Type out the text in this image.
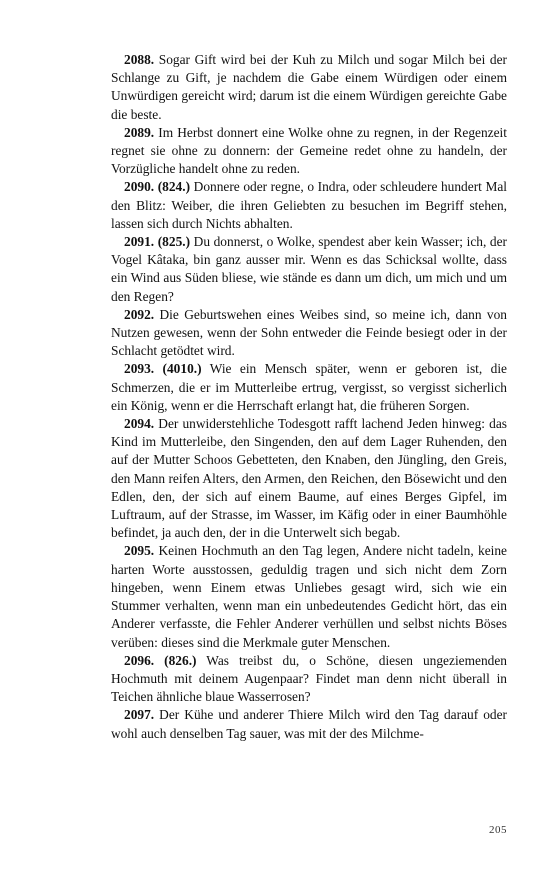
2088. Sogar Gift wird bei der Kuh zu Milch und sogar Milch bei der Schlange zu Gift, je nachdem die Gabe einem Würdigen oder einem Unwürdigen gereicht wird; darum ist die einem Würdigen gereichte Gabe die beste.

2089. Im Herbst donnert eine Wolke ohne zu regnen, in der Regenzeit regnet sie ohne zu donnern: der Gemeine redet ohne zu handeln, der Vorzügliche handelt ohne zu reden.

2090. (824.) Donnere oder regne, o Indra, oder schleudere hundert Mal den Blitz: Weiber, die ihren Geliebten zu besuchen im Begriff stehen, lassen sich durch Nichts abhalten.

2091. (825.) Du donnerst, o Wolke, spendest aber kein Wasser; ich, der Vogel Kâtaka, bin ganz ausser mir. Wenn es das Schicksal wollte, dass ein Wind aus Süden bliese, wie stände es dann um dich, um mich und um den Regen?

2092. Die Geburtswehen eines Weibes sind, so meine ich, dann von Nutzen gewesen, wenn der Sohn entweder die Feinde besiegt oder in der Schlacht getödtet wird.

2093. (4010.) Wie ein Mensch später, wenn er geboren ist, die Schmerzen, die er im Mutterleibe ertrug, vergisst, so vergisst sicherlich ein König, wenn er die Herrschaft erlangt hat, die früheren Sorgen.

2094. Der unwiderstehliche Todesgott rafft lachend Jeden hinweg: das Kind im Mutterleibe, den Singenden, den auf dem Lager Ruhenden, den auf der Mutter Schoos Gebetteten, den Knaben, den Jüngling, den Greis, den Mann reifen Alters, den Armen, den Reichen, den Bösewicht und den Edlen, den, der sich auf einem Baume, auf eines Berges Gipfel, im Luftraum, auf der Strasse, im Wasser, im Käfig oder in einer Baumhöhle befindet, ja auch den, der in die Unterwelt sich begab.

2095. Keinen Hochmuth an den Tag legen, Andere nicht tadeln, keine harten Worte ausstossen, geduldig tragen und sich nicht dem Zorn hingeben, wenn Einem etwas Unliebes gesagt wird, sich wie ein Stummer verhalten, wenn man ein unbedeutendes Gedicht hört, das ein Anderer verfasste, die Fehler Anderer verhüllen und selbst nichts Böses verüben: dieses sind die Merkmale guter Menschen.

2096. (826.) Was treibst du, o Schöne, diesen ungeziemenden Hochmuth mit deinem Augenpaar? Findet man denn nicht überall in Teichen ähnliche blaue Wasserrosen?

2097. Der Kühe und anderer Thiere Milch wird den Tag darauf oder wohl auch denselben Tag sauer, was mit der des Milchme-

205
